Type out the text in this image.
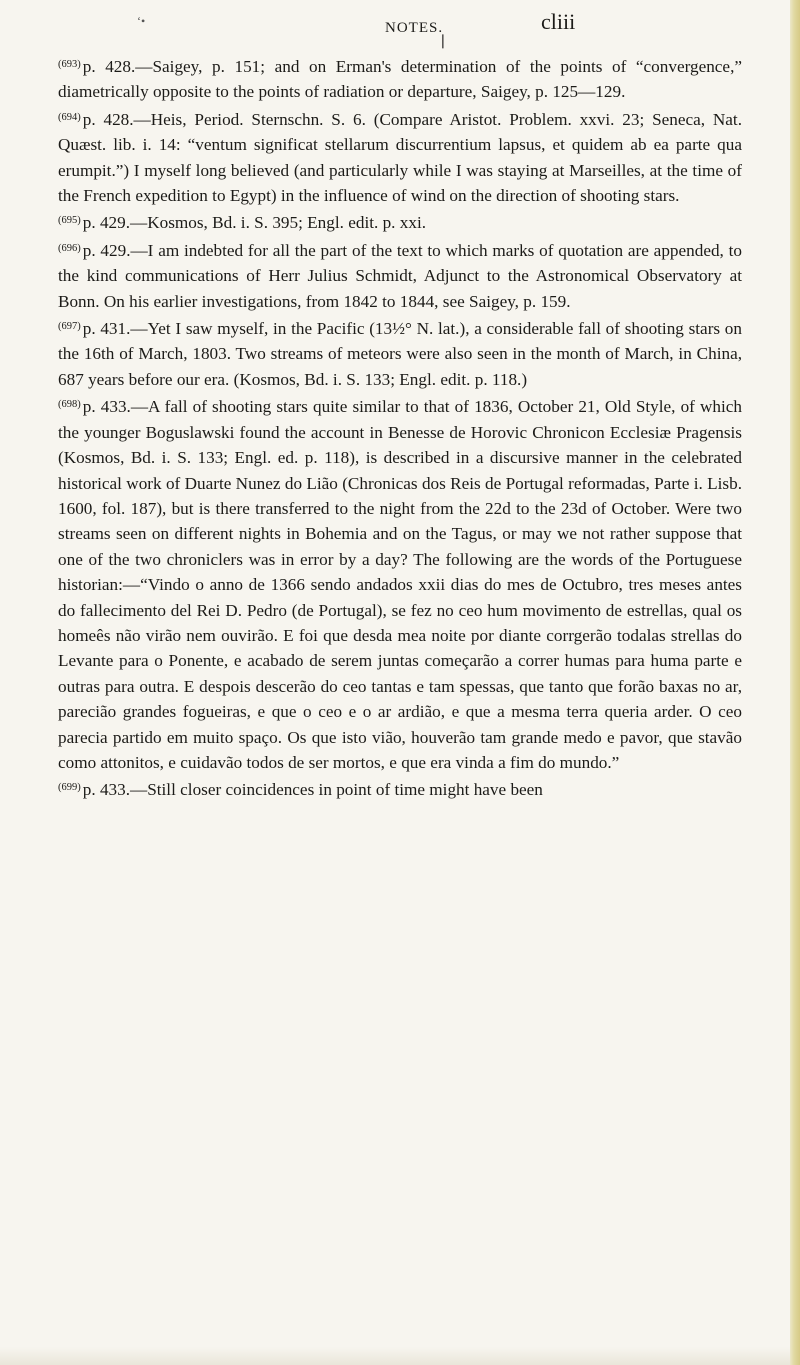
‘•	NOTES.
❘
cliii

$^{(693)}$ p. 428.—Saigey, p. 151; and on Erman's determination of the points of “convergence,” diametrically opposite to the points of radiation or departure, Saigey, p. 125—129.

$^{(694)}$ p. 428.—Heis, Period. Sternschn. S. 6. (Compare Aristot. Problem. xxvi. 23; Seneca, Nat. Quæst. lib. i. 14: “ventum significat stellarum discurrentium lapsus, et quidem ab ea parte qua erumpit.”) I myself long believed (and particularly while I was staying at Marseilles, at the time of the French expedition to Egypt) in the influence of wind on the direction of shooting stars.

$^{(695)}$ p. 429.—Kosmos, Bd. i. S. 395; Engl. edit. p. xxi.

$^{(696)}$ p. 429.—I am indebted for all the part of the text to which marks of quotation are appended, to the kind communications of Herr Julius Schmidt, Adjunct to the Astronomical Observatory at Bonn. On his earlier investigations, from 1842 to 1844, see Saigey, p. 159.

$^{(697)}$ p. 431.—Yet I saw myself, in the Pacific (13½° N. lat.), a considerable fall of shooting stars on the 16th of March, 1803. Two streams of meteors were also seen in the month of March, in China, 687 years before our era. (Kosmos, Bd. i. S. 133; Engl. edit. p. 118.)

$^{(698)}$ p. 433.—A fall of shooting stars quite similar to that of 1836, October 21, Old Style, of which the younger Boguslawski found the account in Benesse de Horovic Chronicon Ecclesiæ Pragensis (Kosmos, Bd. i. S. 133; Engl. ed. p. 118), is described in a discursive manner in the celebrated historical work of Duarte Nunez do Lião (Chronicas dos Reis de Portugal reformadas, Parte i. Lisb. 1600, fol. 187), but is there transferred to the night from the 22d to the 23d of October. Were two streams seen on different nights in Bohemia and on the Tagus, or may we not rather suppose that one of the two chroniclers was in error by a day? The following are the words of the Portuguese historian:—“Vindo o anno de 1366 sendo andados xxii dias do mes de Octubro, tres meses antes do fallecimento del Rei D. Pedro (de Portugal), se fez no ceo hum movimento de estrellas, qual os homeês não virão nem ouvirão. E foi que desda mea noite por diante corrgerão todalas strellas do Levante para o Ponente, e acabado de serem juntas começarão a correr humas para huma parte e outras para outra. E despois descerão do ceo tantas e tam spessas, que tanto que forão baxas no ar, parecião grandes fogueiras, e que o ceo e o ar ardião, e que a mesma terra queria arder. O ceo parecia partido em muito spaço. Os que isto vião, houverão tam grande medo e pavor, que stavão como attonitos, e cuidavão todos de ser mortos, e que era vinda a fim do mundo.”

$^{(699)}$ p. 433.—Still closer coincidences in point of time might have been
